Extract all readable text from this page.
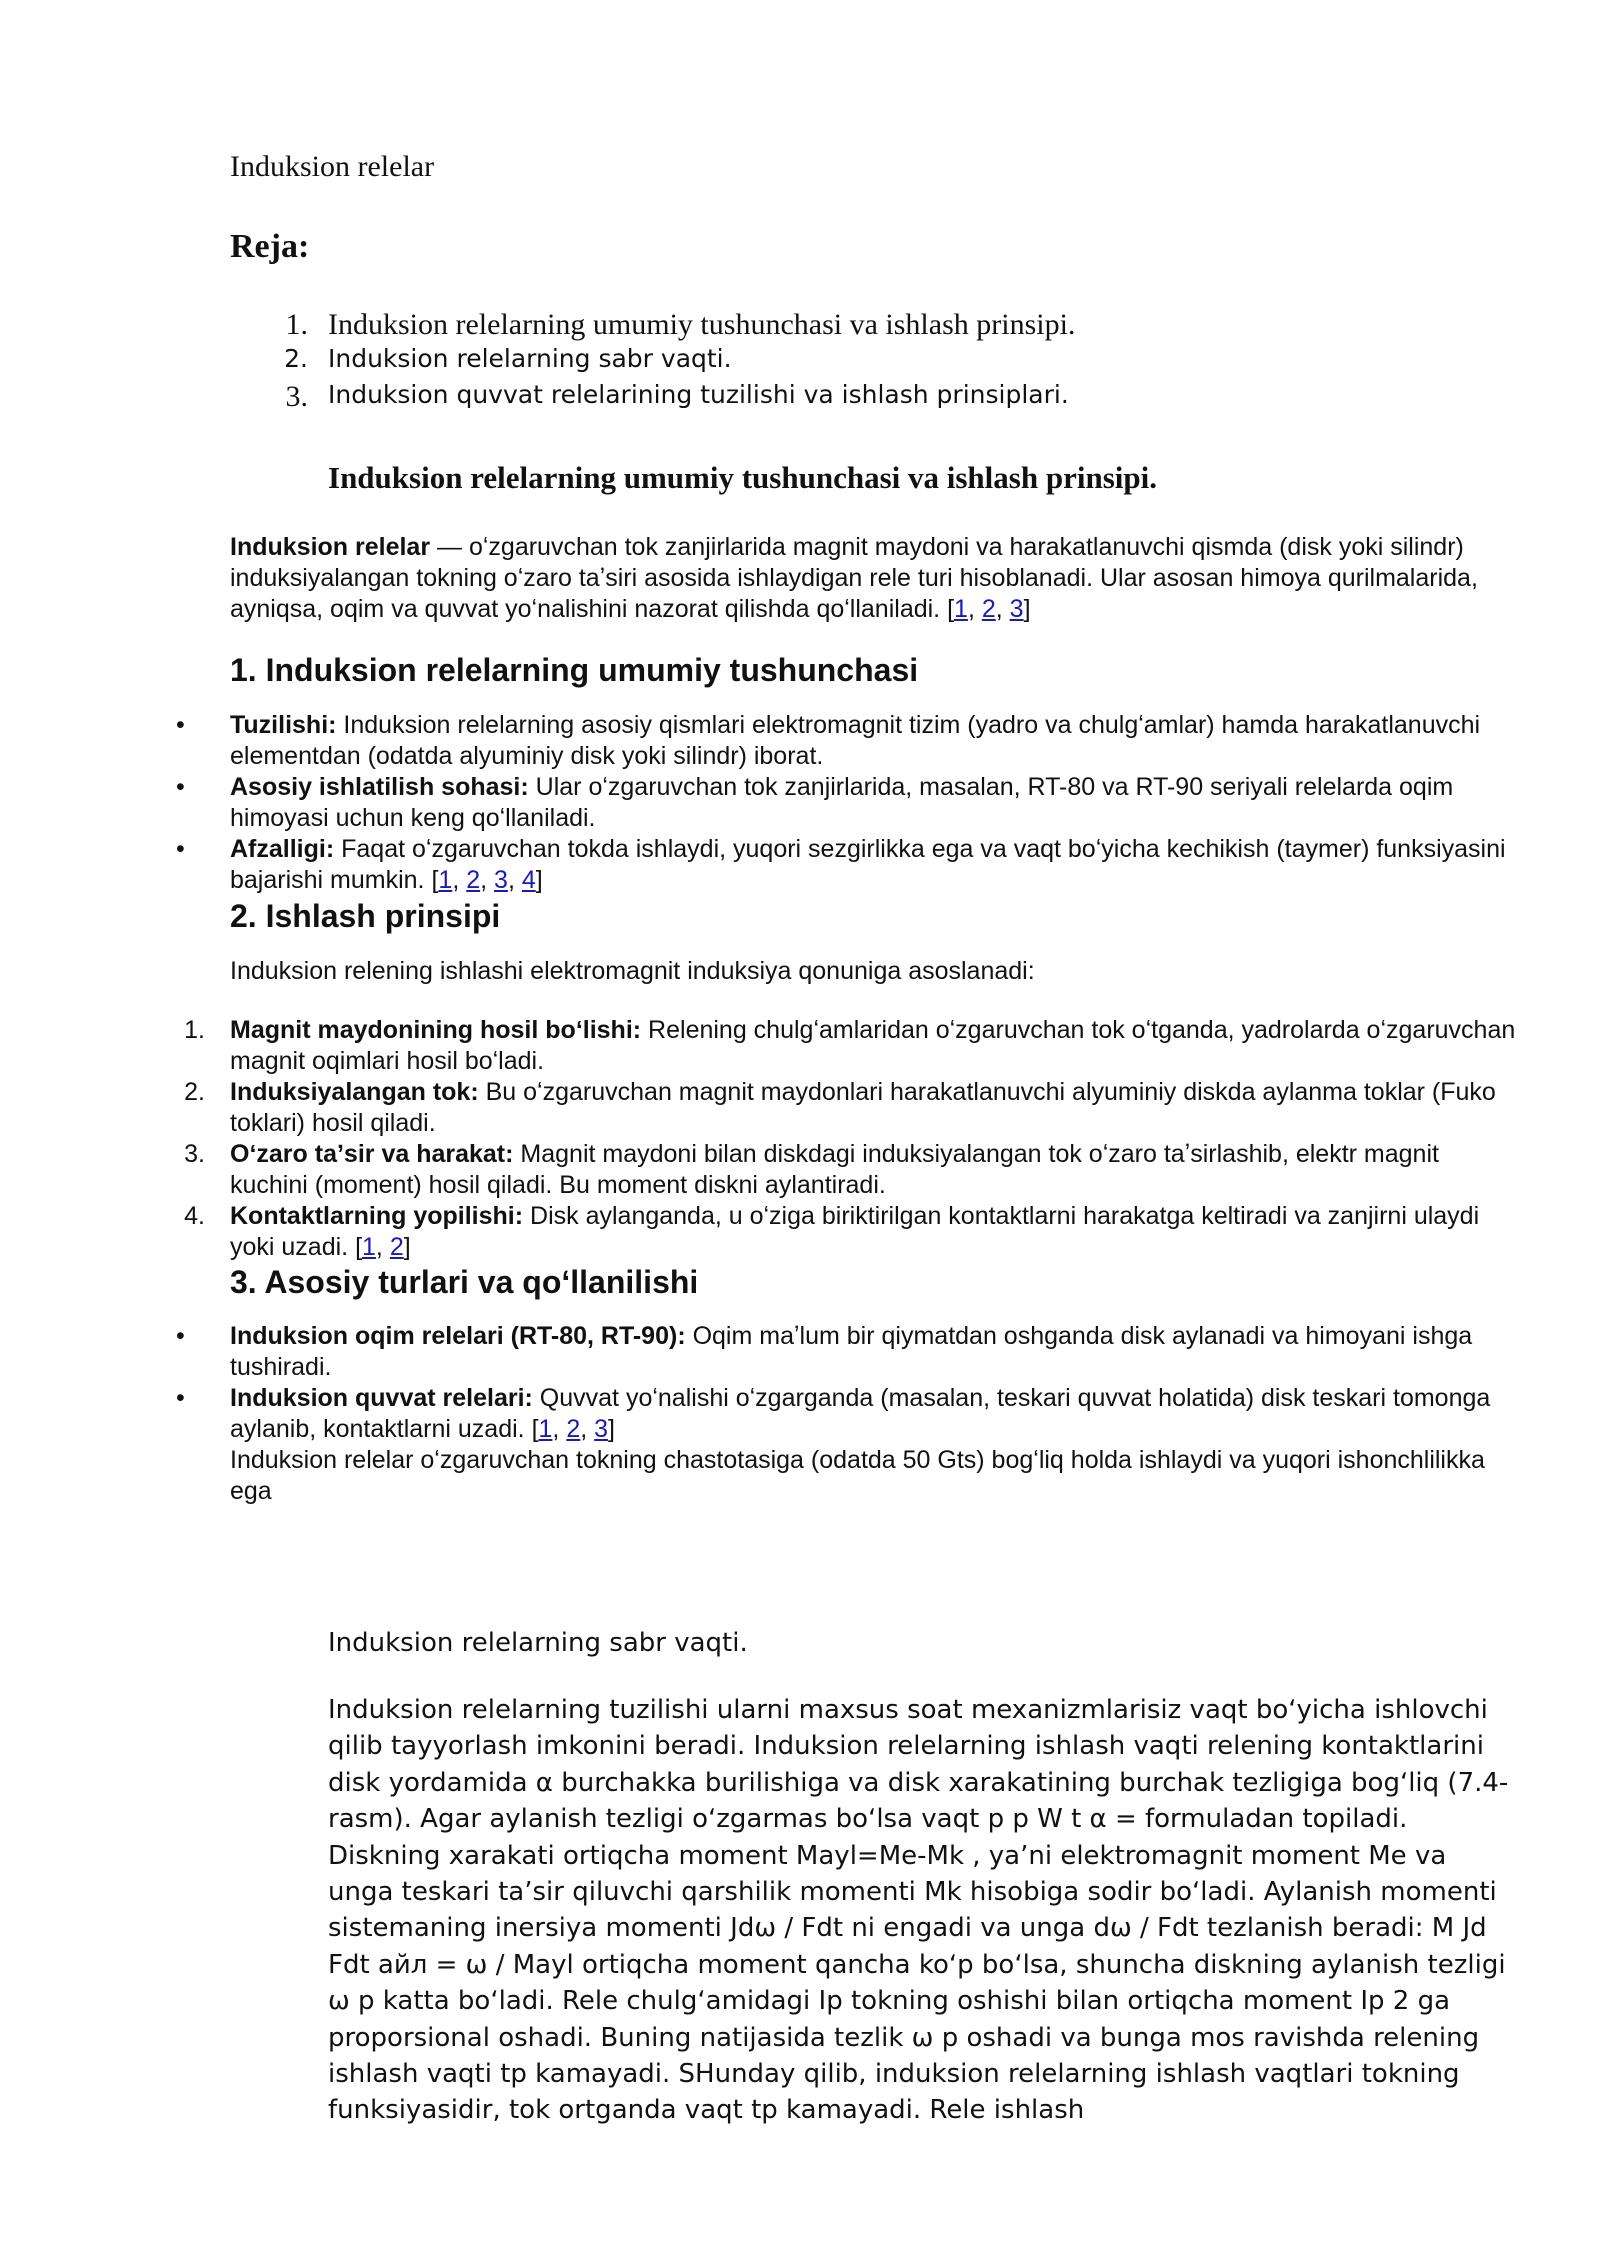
Induksion relelar

Reja:

1. Induksion relelarning umumiy tushunchasi va ishlash prinsipi.
2. Induksion relelarning sabr vaqti.
3. Induksion quvvat relelarining tuzilishi va ishlash prinsiplari.

Induksion relelarning umumiy tushunchasi va ishlash prinsipi.

Induksion relelar — oʻzgaruvchan tok zanjirlarida magnit maydoni va harakatlanuvchi qismda (disk yoki silindr) induksiyalangan tokning oʻzaro taʼsiri asosida ishlaydigan rele turi hisoblanadi. Ular asosan himoya qurilmalarida, ayniqsa, oqim va quvvat yoʻnalishini nazorat qilishda qoʻllaniladi. [1, 2, 3]

1. Induksion relelarning umumiy tushunchasi

• Tuzilishi: Induksion relelarning asosiy qismlari elektromagnit tizim (yadro va chulgʻamlar) hamda harakatlanuvchi elementdan (odatda alyuminiy disk yoki silindr) iborat.
• Asosiy ishlatilish sohasi: Ular oʻzgaruvchan tok zanjirlarida, masalan, RT-80 va RT-90 seriyali relelarda oqim himoyasi uchun keng qoʻllaniladi.
• Afzalligi: Faqat oʻzgaruvchan tokda ishlaydi, yuqori sezgirlikka ega va vaqt boʻyicha kechikish (taymer) funksiyasini bajarishi mumkin. [1, 2, 3, 4]

2. Ishlash prinsipi

Induksion relening ishlashi elektromagnit induksiya qonuniga asoslanadi:

1. Magnit maydonining hosil boʻlishi: Relening chulgʻamlaridan oʻzgaruvchan tok oʻtganda, yadrolarda oʻzgaruvchan magnit oqimlari hosil boʻladi.
2. Induksiyalangan tok: Bu oʻzgaruvchan magnit maydonlari harakatlanuvchi alyuminiy diskda aylanma toklar (Fuko toklari) hosil qiladi.
3. Oʻzaro taʼsir va harakat: Magnit maydoni bilan diskdagi induksiyalangan tok oʻzaro taʼsirlashib, elektr magnit kuchini (moment) hosil qiladi. Bu moment diskni aylantiradi.
4. Kontaktlarning yopilishi: Disk aylanganda, u oʻziga biriktirilgan kontaktlarni harakatga keltiradi va zanjirni ulaydi yoki uzadi. [1, 2]

3. Asosiy turlari va qoʻllanilishi

• Induksion oqim relelari (RT-80, RT-90): Oqim maʼlum bir qiymatdan oshganda disk aylanadi va himoyani ishga tushiradi.
• Induksion quvvat relelari: Quvvat yoʻnalishi oʻzgarganda (masalan, teskari quvvat holatida) disk teskari tomonga aylanib, kontaktlarni uzadi. [1, 2, 3]
Induksion relelar oʻzgaruvchan tokning chastotasiga (odatda 50 Gts) bogʻliq holda ishlaydi va yuqori ishonchlilikka ega

Induksion relelarning sabr vaqti.

Induksion relelarning tuzilishi ularni maxsus soat mexanizmlarisiz vaqt boʻyicha ishlovchi qilib tayyorlash imkonini beradi. Induksion relelarning ishlash vaqti relening kontaktlarini disk yordamida α burchakka burilishiga va disk xarakatining burchak tezligiga bogʻliq (7.4-rasm). Agar aylanish tezligi oʻzgarmas boʻlsa vaqt p p W t α = formuladan topiladi. Diskning xarakati ortiqcha moment Mayl=Me-Mk , yaʼni elektromagnit moment Me va unga teskari taʼsir qiluvchi qarshilik momenti Mk hisobiga sodir boʻladi. Aylanish momenti sistemaning inersiya momenti Jdω / Fdt ni engadi va unga dω / Fdt tezlanish beradi: M Jd Fdt айл = ω / Mayl ortiqcha moment qancha koʻp boʻlsa, shuncha diskning aylanish tezligi ω p katta boʻladi. Rele chulgʻamidagi Ip tokning oshishi bilan ortiqcha moment Ip 2 ga proporsional oshadi. Buning natijasida tezlik ω p oshadi va bunga mos ravishda relening ishlash vaqti tp kamayadi. SHunday qilib, induksion relelarning ishlash vaqtlari tokning funksiyasidir, tok ortganda vaqt tp kamayadi. Rele ishlash
